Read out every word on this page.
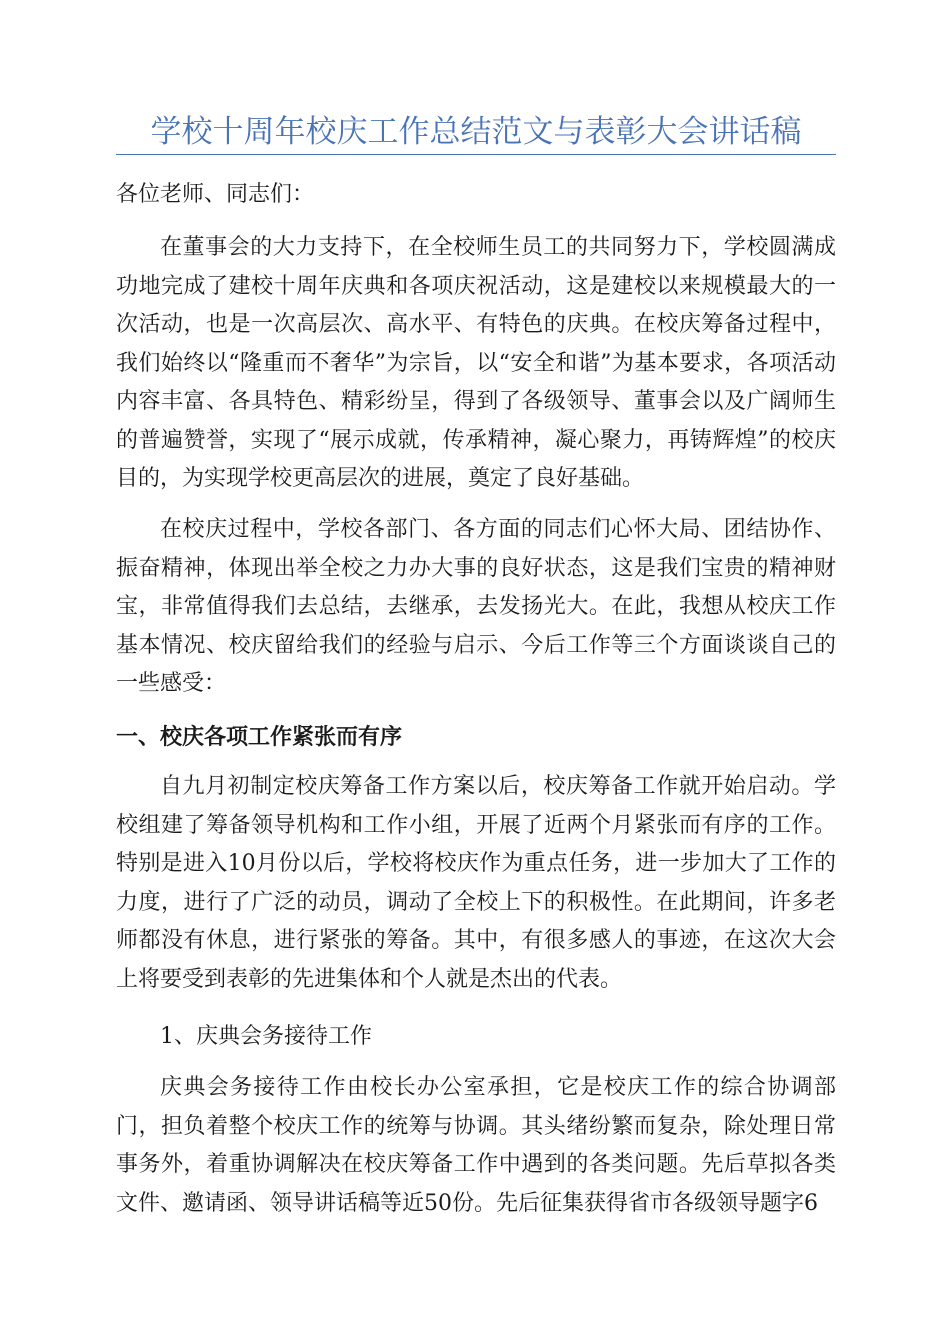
学校十周年校庆工作总结范文与表彰大会讲话稿
各位老师、同志们：

在董事会的大力支持下，在全校师生员工的共同努力下，学校圆满成功地完成了建校十周年庆典和各项庆祝活动，这是建校以来规模最大的一次活动，也是一次高层次、高水平、有特色的庆典。在校庆筹备过程中，我们始终以“隆重而不奢华”为宗旨，以“安全和谐”为基本要求，各项活动内容丰富、各具特色、精彩纷呈，得到了各级领导、董事会以及广阔师生的普遍赞誉，实现了“展示成就，传承精神，凝心聚力，再铸辉煌”的校庆目的，为实现学校更高层次的进展，奠定了良好基础。

在校庆过程中，学校各部门、各方面的同志们心怀大局、团结协作、振奋精神，体现出举全校之力办大事的良好状态，这是我们宝贵的精神财宝，非常值得我们去总结，去继承，去发扬光大。在此，我想从校庆工作基本情况、校庆留给我们的经验与启示、今后工作等三个方面谈谈自己的一些感受：

一、校庆各项工作紧张而有序

自九月初制定校庆筹备工作方案以后，校庆筹备工作就开始启动。学校组建了筹备领导机构和工作小组，开展了近两个月紧张而有序的工作。特别是进入10月份以后，学校将校庆作为重点任务，进一步加大了工作的力度，进行了广泛的动员，调动了全校上下的积极性。在此期间，许多老师都没有休息，进行紧张的筹备。其中，有很多感人的事迹，在这次大会上将要受到表彰的先进集体和个人就是杰出的代表。

1、庆典会务接待工作

庆典会务接待工作由校长办公室承担，它是校庆工作的综合协调部门，担负着整个校庆工作的统筹与协调。其头绪纷繁而复杂，除处理日常事务外，着重协调解决在校庆筹备工作中遇到的各类问题。先后草拟各类文件、邀请函、领导讲话稿等近50份。先后征集获得省市各级领导题字6
